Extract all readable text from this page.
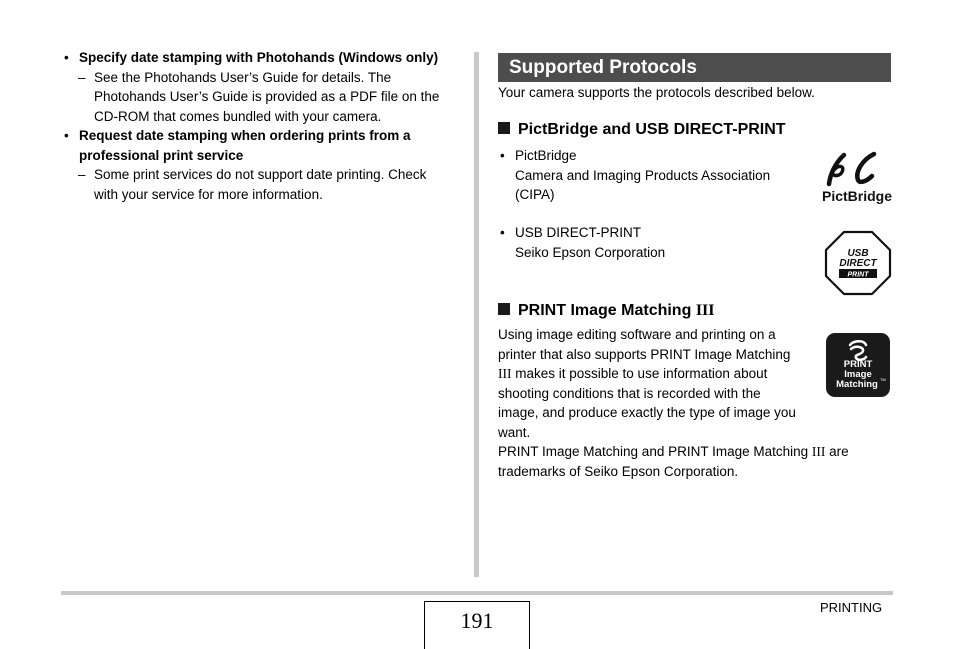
• Specify date stamping with Photohands (Windows only)
– See the Photohands User’s Guide for details. The
Photohands User’s Guide is provided as a PDF file on the
CD-ROM that comes bundled with your camera.
• Request date stamping when ordering prints from a
professional print service
– Some print services do not support date printing. Check
with your service for more information.
Supported Protocols
Your camera supports the protocols described below.
PictBridge and USB DIRECT-PRINT
• PictBridge
Camera and Imaging Products Association
(CIPA)
• USB DIRECT-PRINT
Seiko Epson Corporation
PictBridge
USB
DIRECT
PRINT
PRINT Image Matching III
Using image editing software and printing on a
printer that also supports PRINT Image Matching
III makes it possible to use information about
shooting conditions that is recorded with the
image, and produce exactly the type of image you
want.
PRINT Image Matching and PRINT Image Matching III are
trademarks of Seiko Epson Corporation.
PRINT
Image
Matching TM
191
PRINTING
